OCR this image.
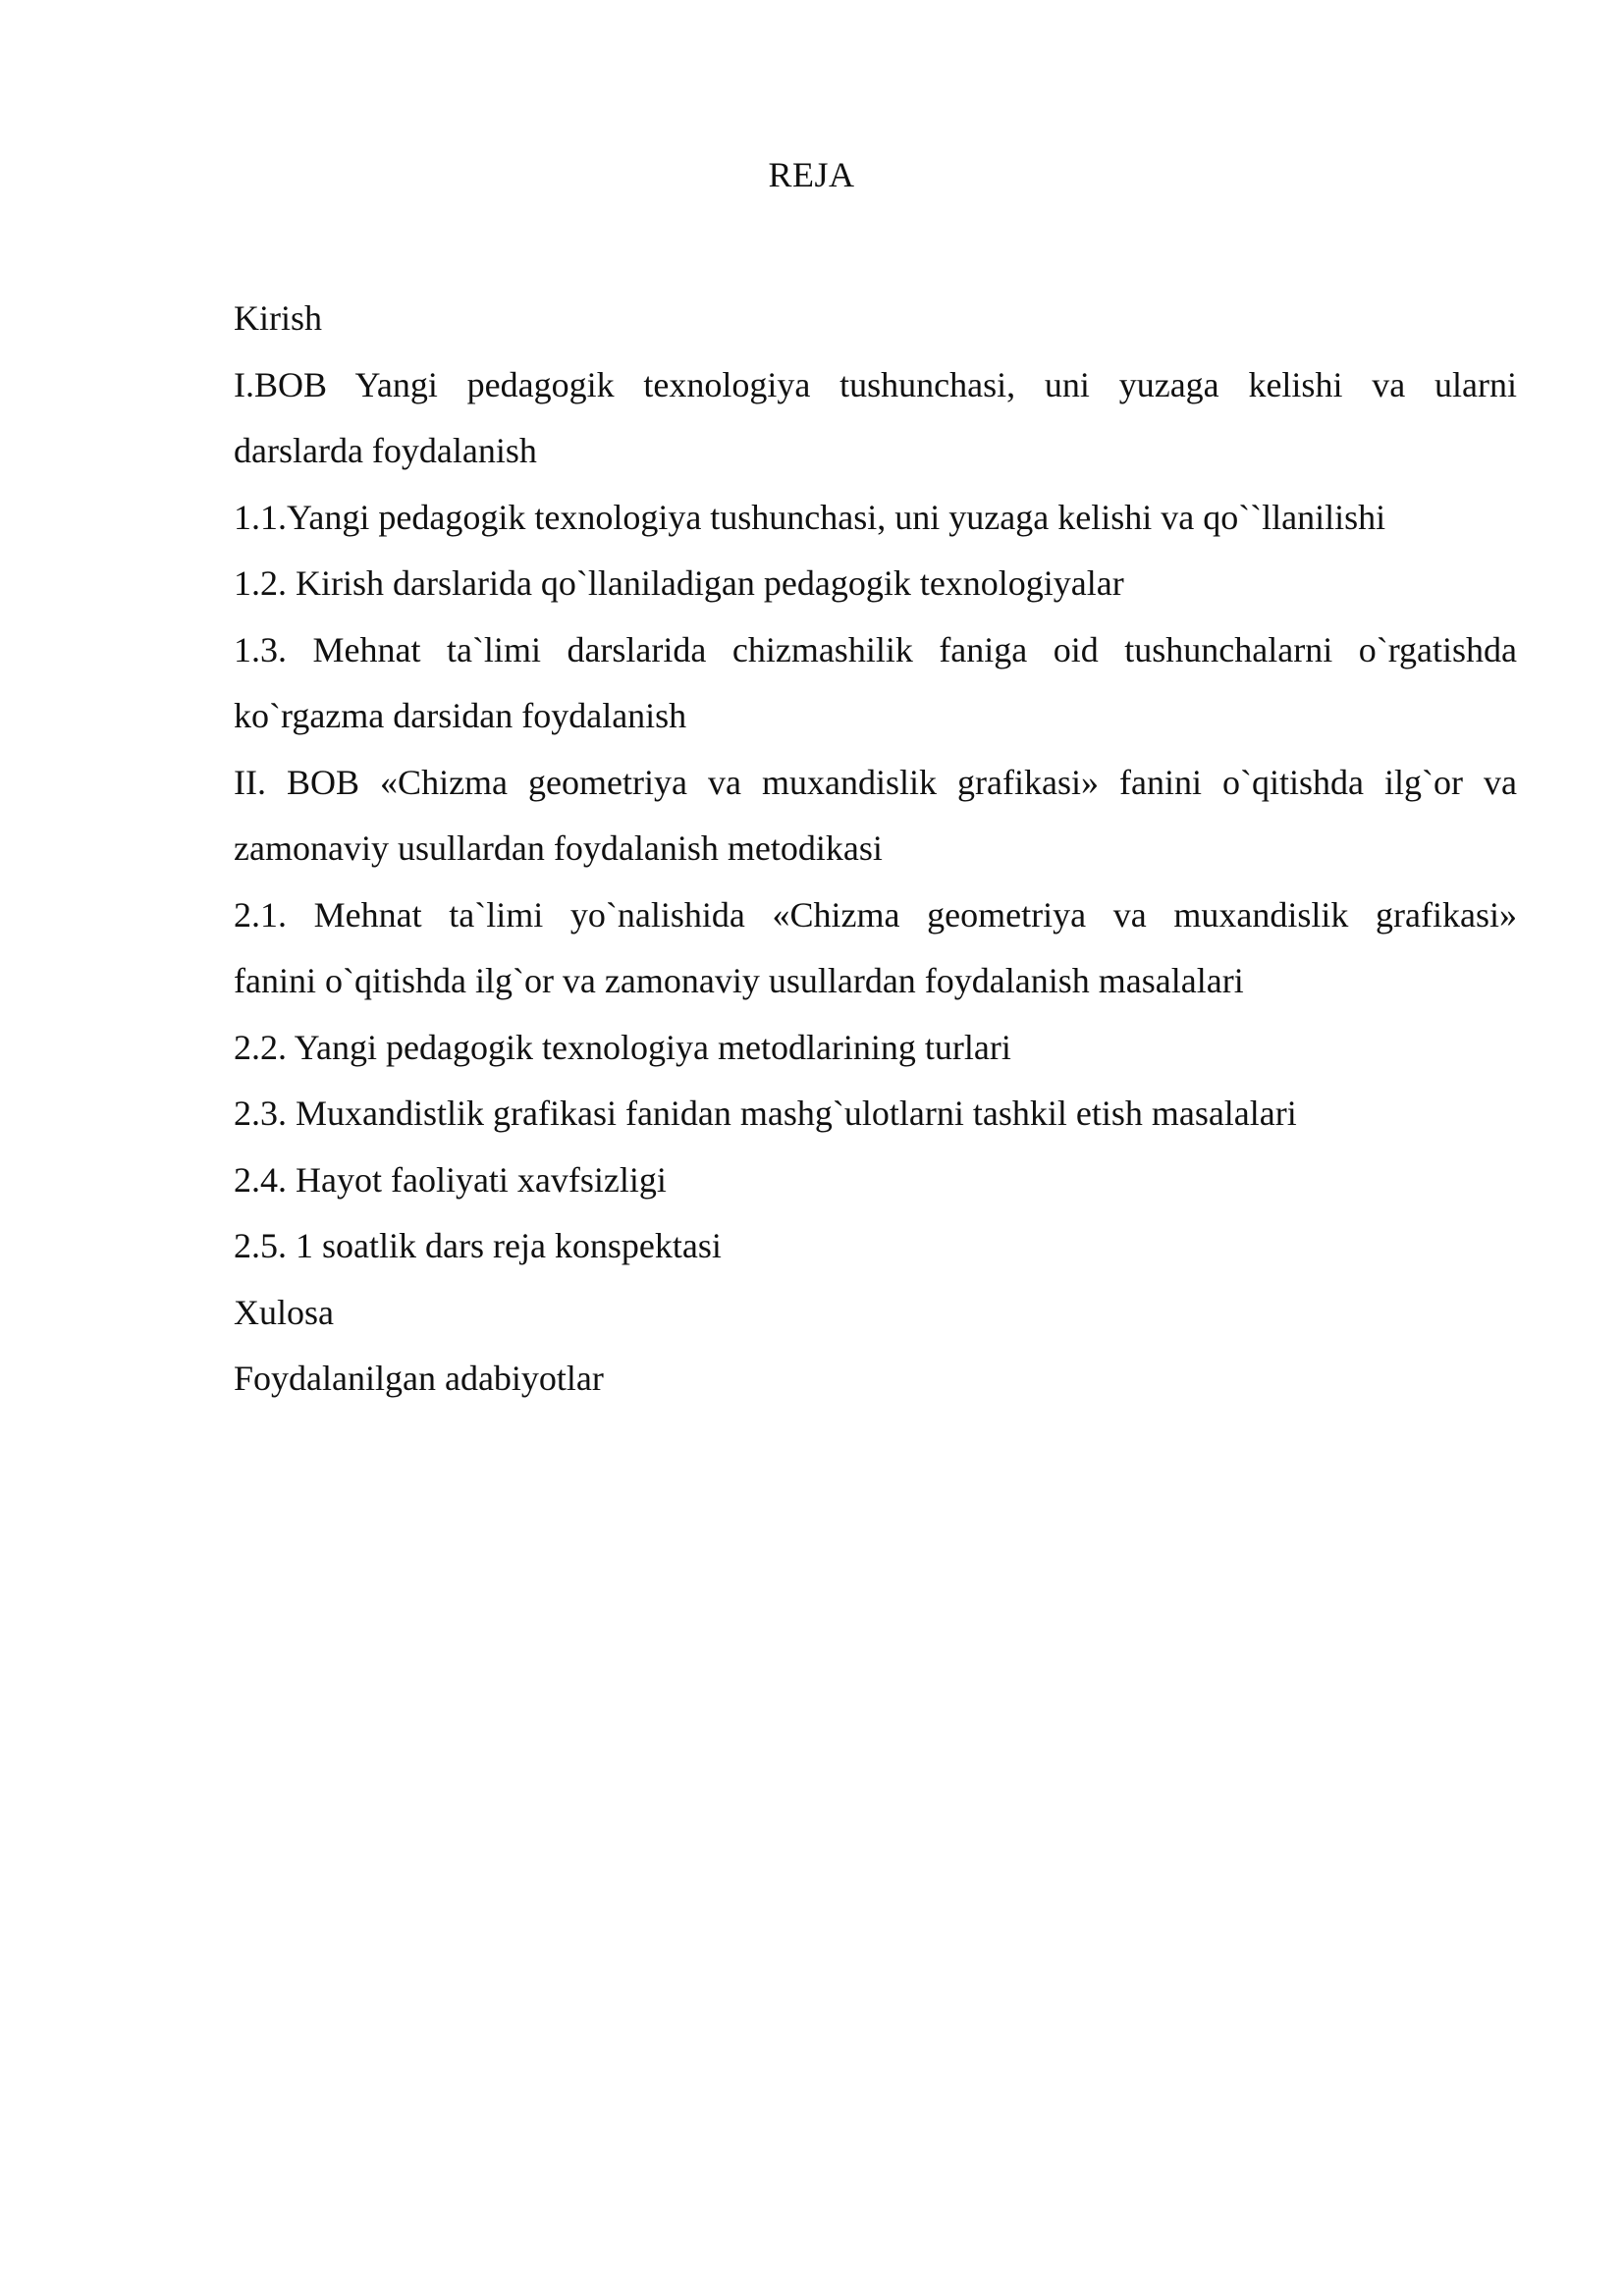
REJA

Kirish

I.BOB Yangi pedagogik texnologiya tushunchasi, uni yuzaga kelishi va ularni

darslarda foydalanish

1.1.Yangi pedagogik texnologiya tushunchasi, uni yuzaga kelishi va qo``llanilishi

1.2. Kirish darslarida qo`llaniladigan pedagogik texnologiyalar

1.3. Mehnat ta`limi darslarida chizmashilik faniga oid tushunchalarni o`rgatishda

ko`rgazma darsidan foydalanish

II. BOB «Chizma geometriya va muxandislik grafikasi» fanini o`qitishda ilg`or va

zamonaviy usullardan foydalanish metodikasi

2.1. Mehnat ta`limi yo`nalishida «Chizma geometriya va muxandislik grafikasi»

fanini o`qitishda ilg`or va zamonaviy usullardan foydalanish masalalari

2.2. Yangi pedagogik texnologiya metodlarining turlari

2.3. Muxandistlik grafikasi fanidan mashg`ulotlarni tashkil etish masalalari

2.4. Hayot faoliyati xavfsizligi

2.5. 1 soatlik dars reja konspektasi

Xulosa

Foydalanilgan adabiyotlar
